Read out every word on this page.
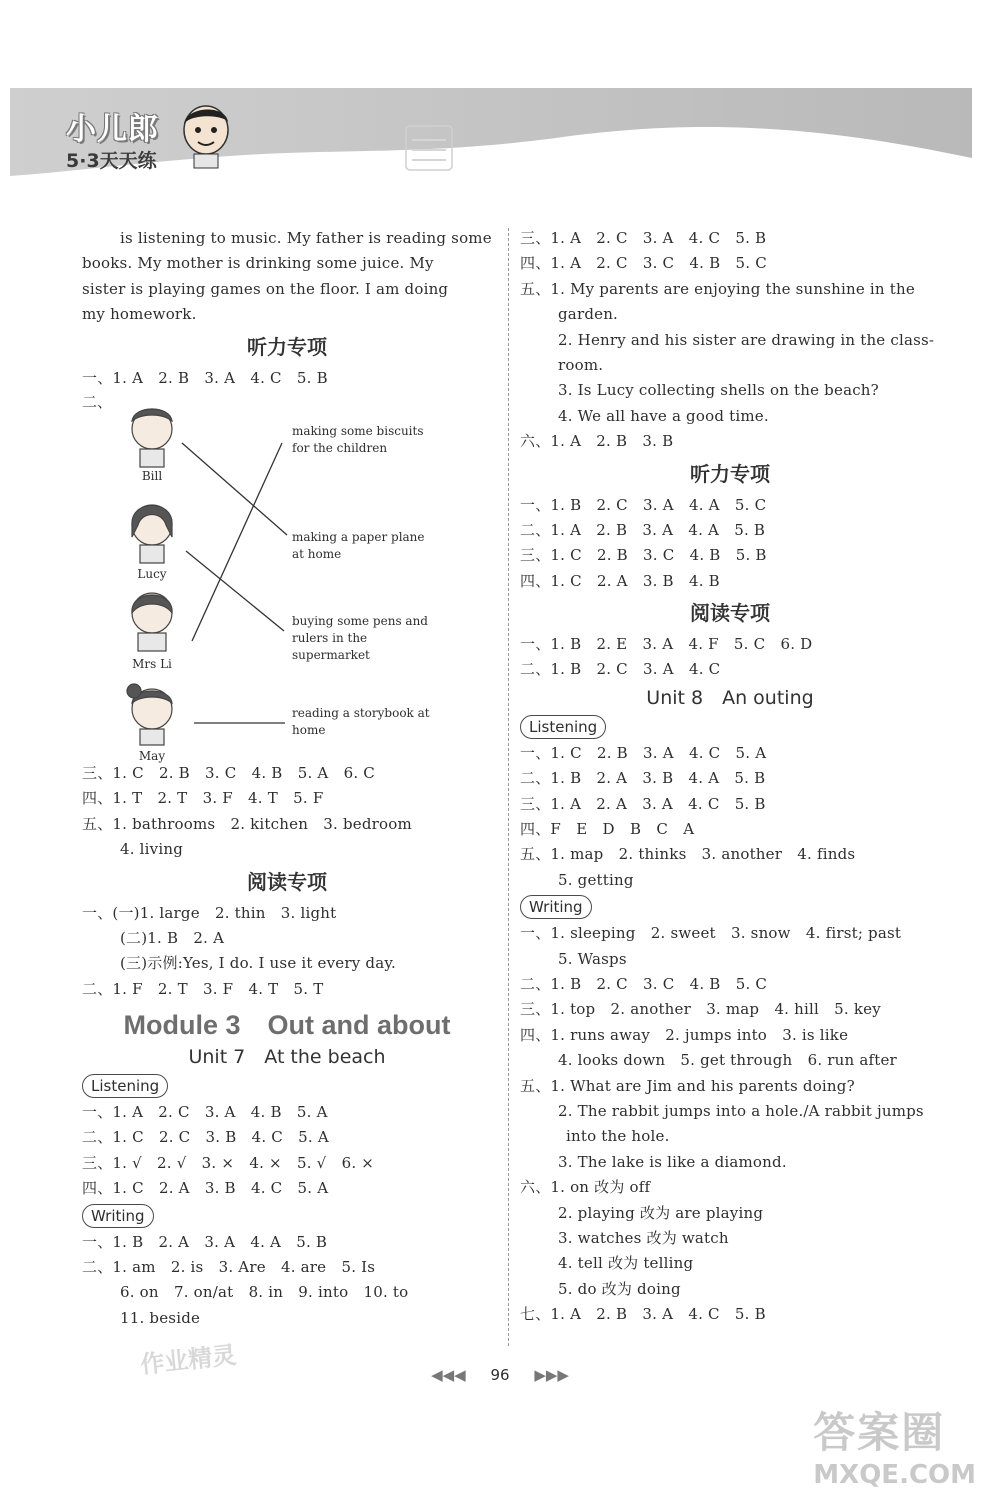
小儿郎
5·3天天练
is listening to music. My father is reading some
books. My mother is drinking some juice. My
sister is playing games on the floor. I am doing
my homework.
听力专项
一、1. A　2. B　3. A　4. C　5. B
二、
Bill
Lucy
Mrs Li
May
making some biscuits for the children
making a paper plane at home
buying some pens and rulers in the supermarket
reading a storybook at home
三、1. C　2. B　3. C　4. B　5. A　6. C
四、1. T　2. T　3. F　4. T　5. F
五、1. bathrooms　2. kitchen　3. bedroom
4. living
阅读专项
一、(一)1. large　2. thin　3. light
(二)1. B　2. A
(三)示例:Yes, I do. I use it every day.
二、1. F　2. T　3. F　4. T　5. T
Module 3　Out and about
Unit 7　At the beach
Listening
一、1. A　2. C　3. A　4. B　5. A
二、1. C　2. C　3. B　4. C　5. A
三、1. √　2. √　3. ×　4. ×　5. √　6. ×
四、1. C　2. A　3. B　4. C　5. A
Writing
一、1. B　2. A　3. A　4. A　5. B
二、1. am　2. is　3. Are　4. are　5. Is
6. on　7. on/at　8. in　9. into　10. to
11. beside
三、1. A　2. C　3. A　4. C　5. B
四、1. A　2. C　3. C　4. B　5. C
五、1. My parents are enjoying the sunshine in the
garden.
2. Henry and his sister are drawing in the class-
room.
3. Is Lucy collecting shells on the beach?
4. We all have a good time.
六、1. A　2. B　3. B
听力专项
一、1. B　2. C　3. A　4. A　5. C
二、1. A　2. B　3. A　4. A　5. B
三、1. C　2. B　3. C　4. B　5. B
四、1. C　2. A　3. B　4. B
阅读专项
一、1. B　2. E　3. A　4. F　5. C　6. D
二、1. B　2. C　3. A　4. C
Unit 8　An outing
Listening
一、1. C　2. B　3. A　4. C　5. A
二、1. B　2. A　3. B　4. A　5. B
三、1. A　2. A　3. A　4. C　5. B
四、F　E　D　B　C　A
五、1. map　2. thinks　3. another　4. finds
5. getting
Writing
一、1. sleeping　2. sweet　3. snow　4. first; past
5. Wasps
二、1. B　2. C　3. C　4. B　5. C
三、1. top　2. another　3. map　4. hill　5. key
四、1. runs away　2. jumps into　3. is like
4. looks down　5. get through　6. run after
五、1. What are Jim and his parents doing?
2. The rabbit jumps into a hole./A rabbit jumps
into the hole.
3. The lake is like a diamond.
六、1. on 改为 off
2. playing 改为 are playing
3. watches 改为 watch
4. tell 改为 telling
5. do 改为 doing
七、1. A　2. B　3. A　4. C　5. B
◀◀◀ 96 ▶▶▶
作业精灵
答案圈
MXQE.COM
